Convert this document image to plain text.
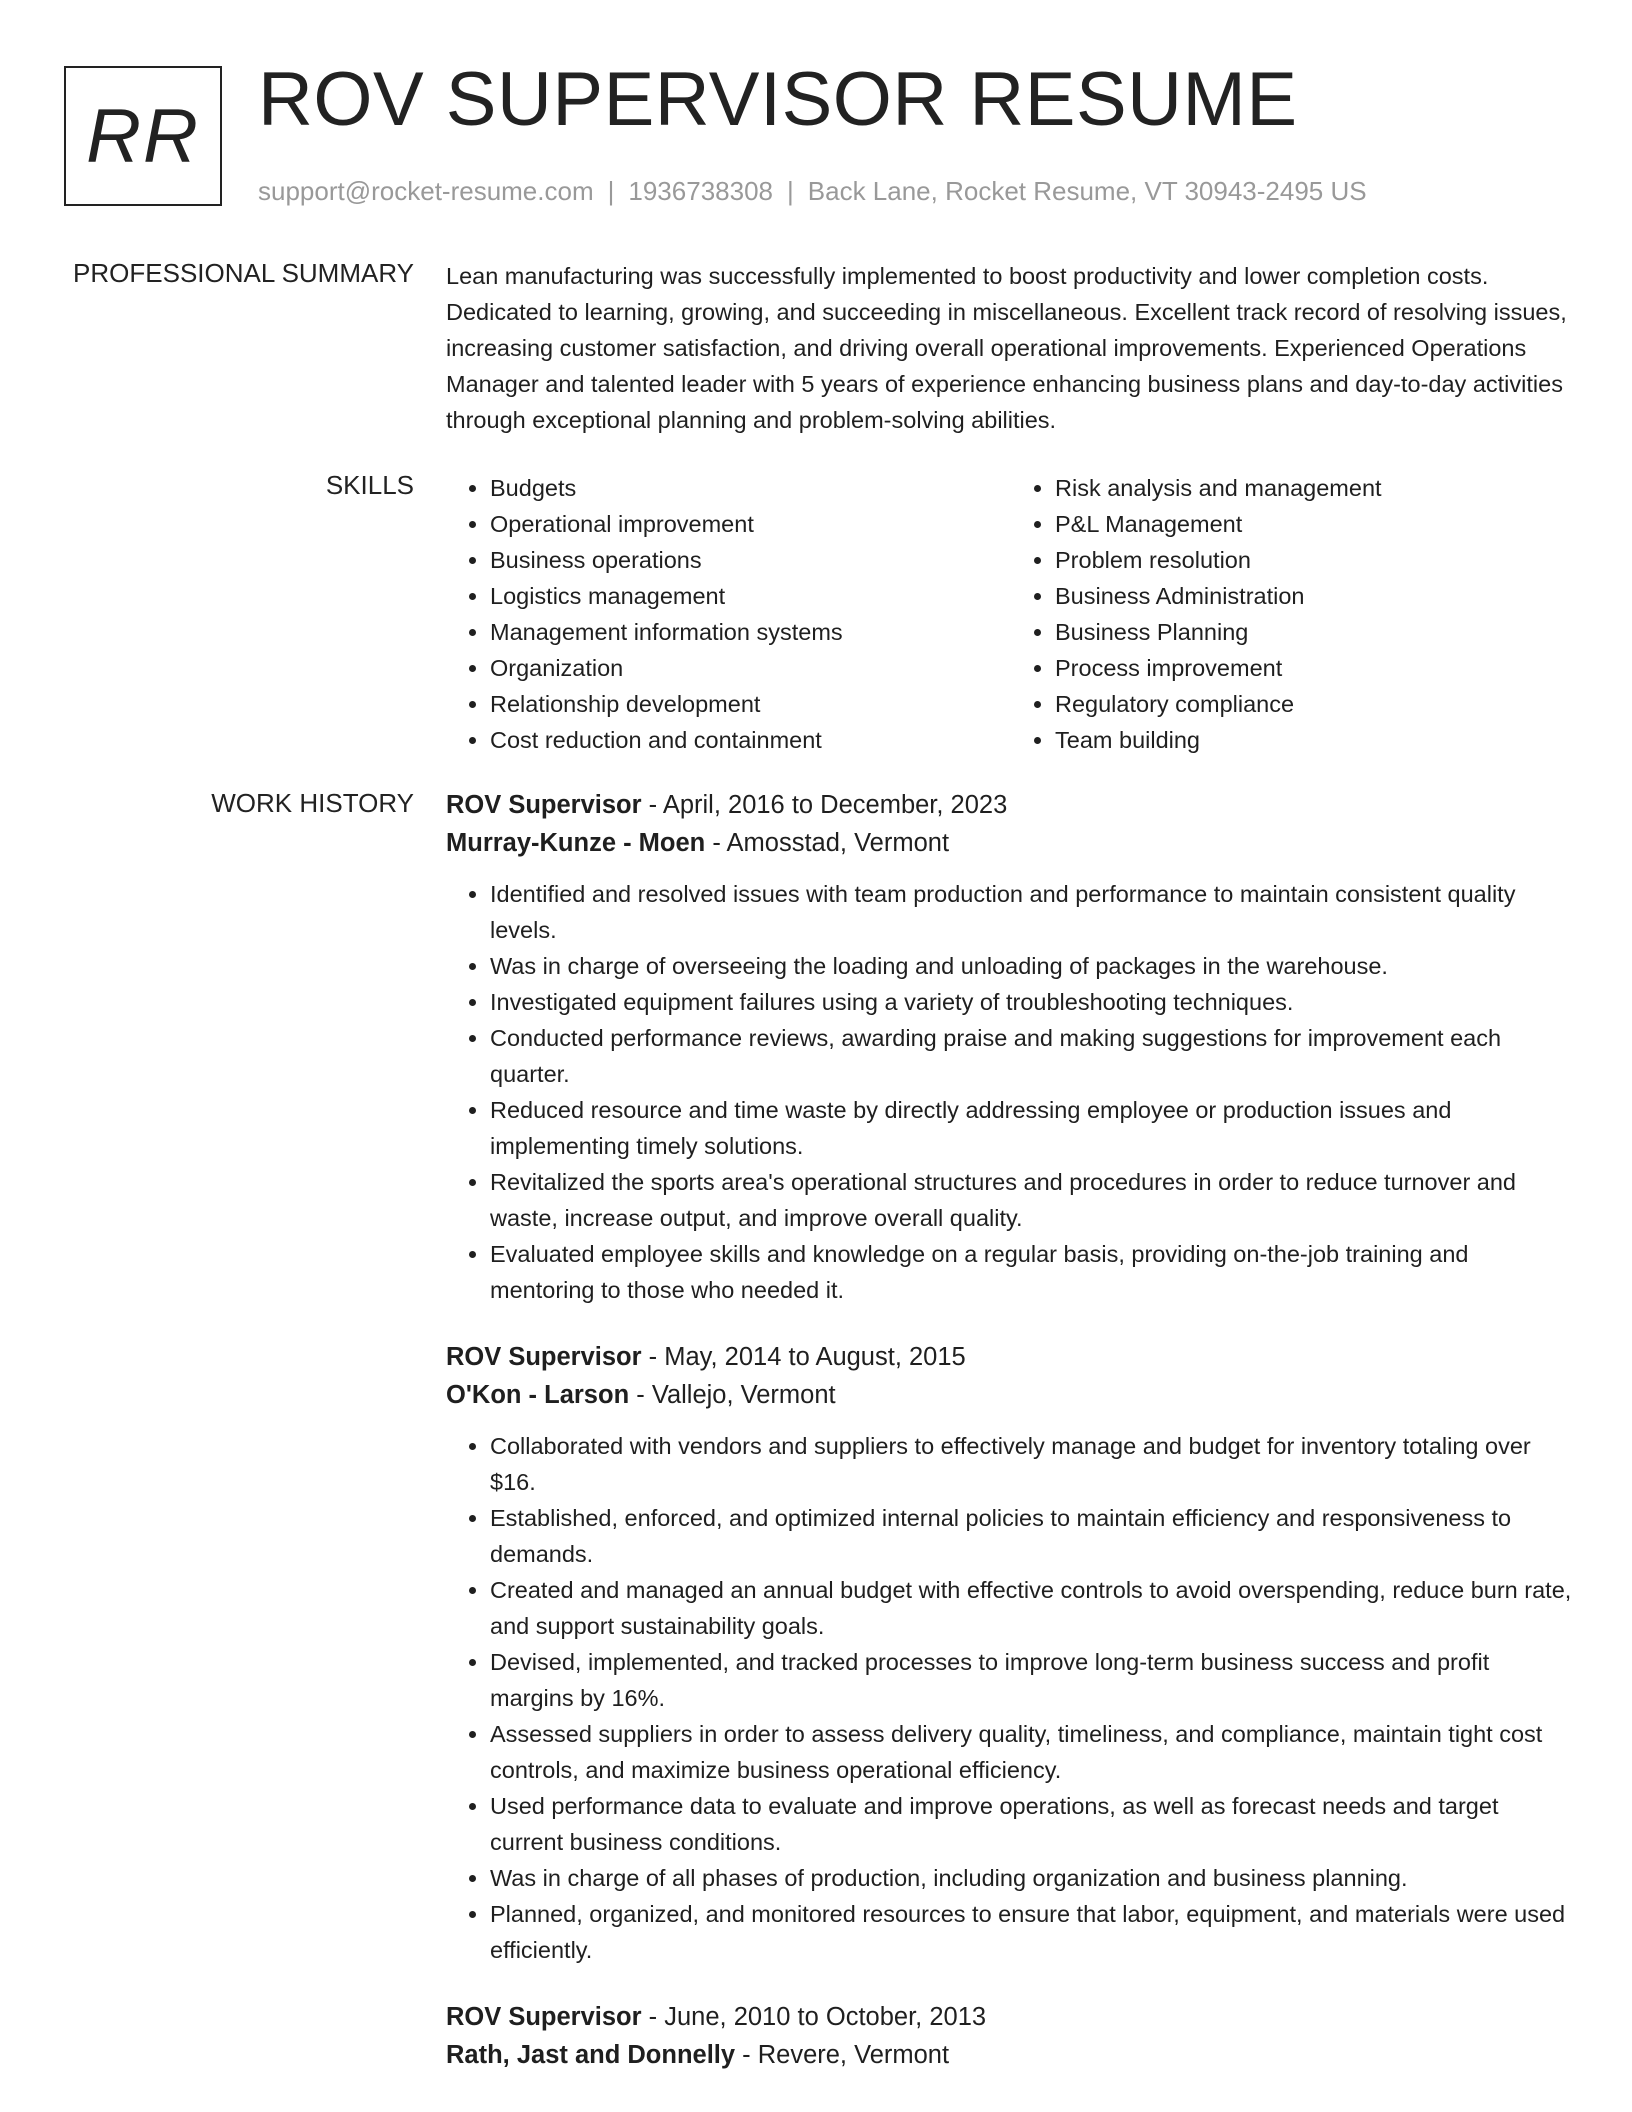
RR ROV SUPERVISOR RESUME
support@rocket-resume.com | 1936738308 | Back Lane, Rocket Resume, VT 30943-2495 US
PROFESSIONAL SUMMARY Lean manufacturing was successfully implemented to boost productivity and lower completion costs. Dedicated to learning, growing, and succeeding in miscellaneous. Excellent track record of resolving issues, increasing customer satisfaction, and driving overall operational improvements. Experienced Operations Manager and talented leader with 5 years of experience enhancing business plans and day-to-day activities through exceptional planning and problem-solving abilities.

SKILLS
•	Budgets
• Operational improvement
• Business operations
• Logistics management
• Management information systems
• Organization
• Relationship development
• Cost reduction and containment
• Risk analysis and management
• P&L Management
• Problem resolution
• Business Administration
• Business Planning
• Process improvement
• Regulatory compliance
• Team building
WORK HISTORY ROV Supervisor - April, 2016 to December, 2023
Murray-Kunze - Moen - Amosstad, Vermont
• Identified and resolved issues with team production and performance to maintain consistent quality levels.
• Was in charge of overseeing the loading and unloading of packages in the warehouse.
• Investigated equipment failures using a variety of troubleshooting techniques.
• Conducted performance reviews, awarding praise and making suggestions for improvement each quarter.
• Reduced resource and time waste by directly addressing employee or production issues and implementing timely solutions.
• Revitalized the sports area's operational structures and procedures in order to reduce turnover and waste, increase output, and improve overall quality.
• Evaluated employee skills and knowledge on a regular basis, providing on-the-job training and mentoring to those who needed it.
ROV Supervisor - May, 2014 to August, 2015
O'Kon - Larson - Vallejo, Vermont
• Collaborated with vendors and suppliers to effectively manage and budget for inventory totaling over $16.
• Established, enforced, and optimized internal policies to maintain efficiency and responsiveness to demands.
• Created and managed an annual budget with effective controls to avoid overspending, reduce burn rate, and support sustainability goals.
• Devised, implemented, and tracked processes to improve long-term business success and profit margins by 16%.
• Assessed suppliers in order to assess delivery quality, timeliness, and compliance, maintain tight cost controls, and maximize business operational efficiency.
• Used performance data to evaluate and improve operations, as well as forecast needs and target current business conditions.
• Was in charge of all phases of production, including organization and business planning.
• Planned, organized, and monitored resources to ensure that labor, equipment, and materials were used efficiently.
ROV Supervisor - June, 2010 to October, 2013
Rath, Jast and Donnelly - Revere, Vermont
